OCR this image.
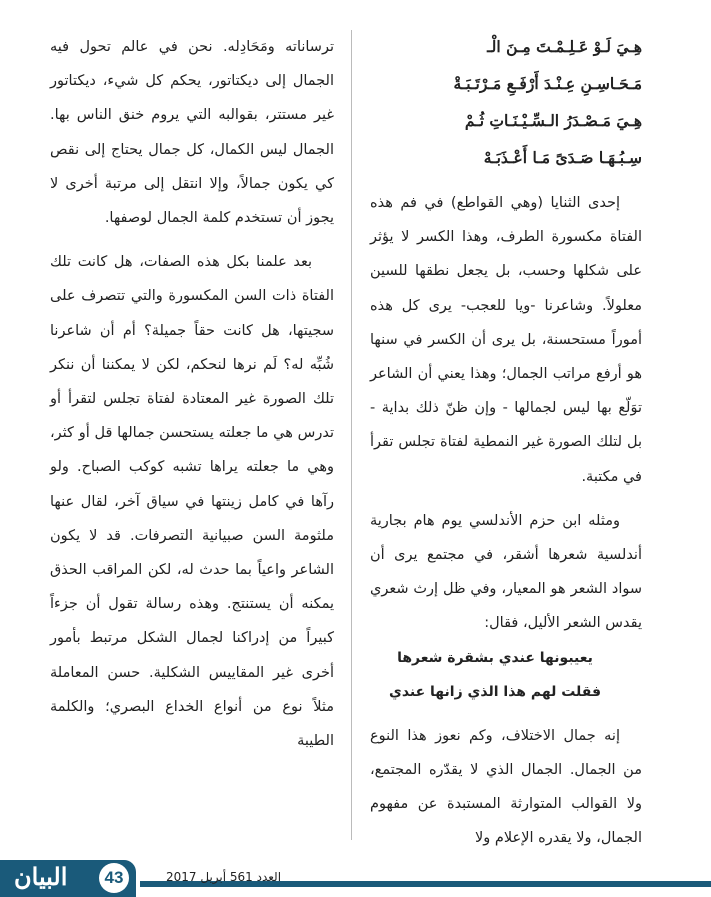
هِـيَ لَـوْ عَـلِـمْـتَ مِـنَ الْـ
مَـحَـاسِـنِ عِـنْـدَ أَرْفَـعِ مَـرْتَـبَـةْ
هِـيَ مَـصْـدَرُ الـسِّـيْـنَـاتِ ثُـمْ
سِـبُـهَـا صَـدَىً مَـا أَعْـذَبَـهْ

إحدى الثنايا (وهي القواطع) في فم هذه الفتاة مكسورة الطرف، وهذا الكسر لا يؤثر على شكلها وحسب، بل يجعل نطقها للسين معلولاً. وشاعرنا -ويا للعجب- يرى كل هذه أموراً مستحسنة، بل يرى أن الكسر في سنها هو أرفع مراتب الجمال؛ وهذا يعني أن الشاعر توَلّع بها ليس لجمالها - وإن ظنّ ذلك بداية - بل لتلك الصورة غير النمطية لفتاة تجلس تقرأ في مكتبة.

ومثله ابن حزم الأندلسي يوم هام بجارية أندلسية شعرها أشقر، في مجتمع يرى أن سواد الشعر هو المعيار، وفي ظل إرث شعري يقدس الشعر الأليل، فقال:

يعيبونها عندي بشقرة شعرها

فقلت لهم هذا الذي زانها عندي

إنه جمال الاختلاف، وكم نعوز هذا النوع من الجمال. الجمال الذي لا يقدّره المجتمع، ولا القوالب المتوارثة المستبدة عن مفهوم الجمال، ولا يقدره الإعلام ولا

ترساناته ومَحَادِله. نحن في عالم تحول فيه الجمال إلى ديكتاتور، يحكم كل شيء، ديكتاتور غير مستتر، بقوالبه التي يروم خنق الناس بها. الجمال ليس الكمال، كل جمال يحتاج إلى نقص كي يكون جمالاً، وإلا انتقل إلى مرتبة أخرى لا يجوز أن تستخدم كلمة الجمال لوصفها.

بعد علمنا بكل هذه الصفات، هل كانت تلك الفتاة ذات السن المكسورة والتي تتصرف على سجيتها، هل كانت حقاً جميلة؟ أم أن شاعرنا شُبِّه له؟ لَم نرها لنحكم، لكن لا يمكننا أن ننكر تلك الصورة غير المعتادة لفتاة تجلس لتقرأ أو تدرس هي ما جعلته يستحسن جمالها قل أو كثر، وهي ما جعلته يراها تشبه كوكب الصباح. ولو رآها في كامل زينتها في سياق آخر، لقال عنها ملثومة السن صبيانية التصرفات. قد لا يكون الشاعر واعياً بما حدث له، لكن المراقب الحذق يمكنه أن يستنتج. وهذه رسالة تقول أن جزءاً كبيراً من إدراكنا لجمال الشكل مرتبط بأمور أخرى غير المقاييس الشكلية. حسن المعاملة مثلاً نوع من أنواع الخداع البصري؛ والكلمة الطيبة

البيان	43	العدد 561 أبريل 2017
